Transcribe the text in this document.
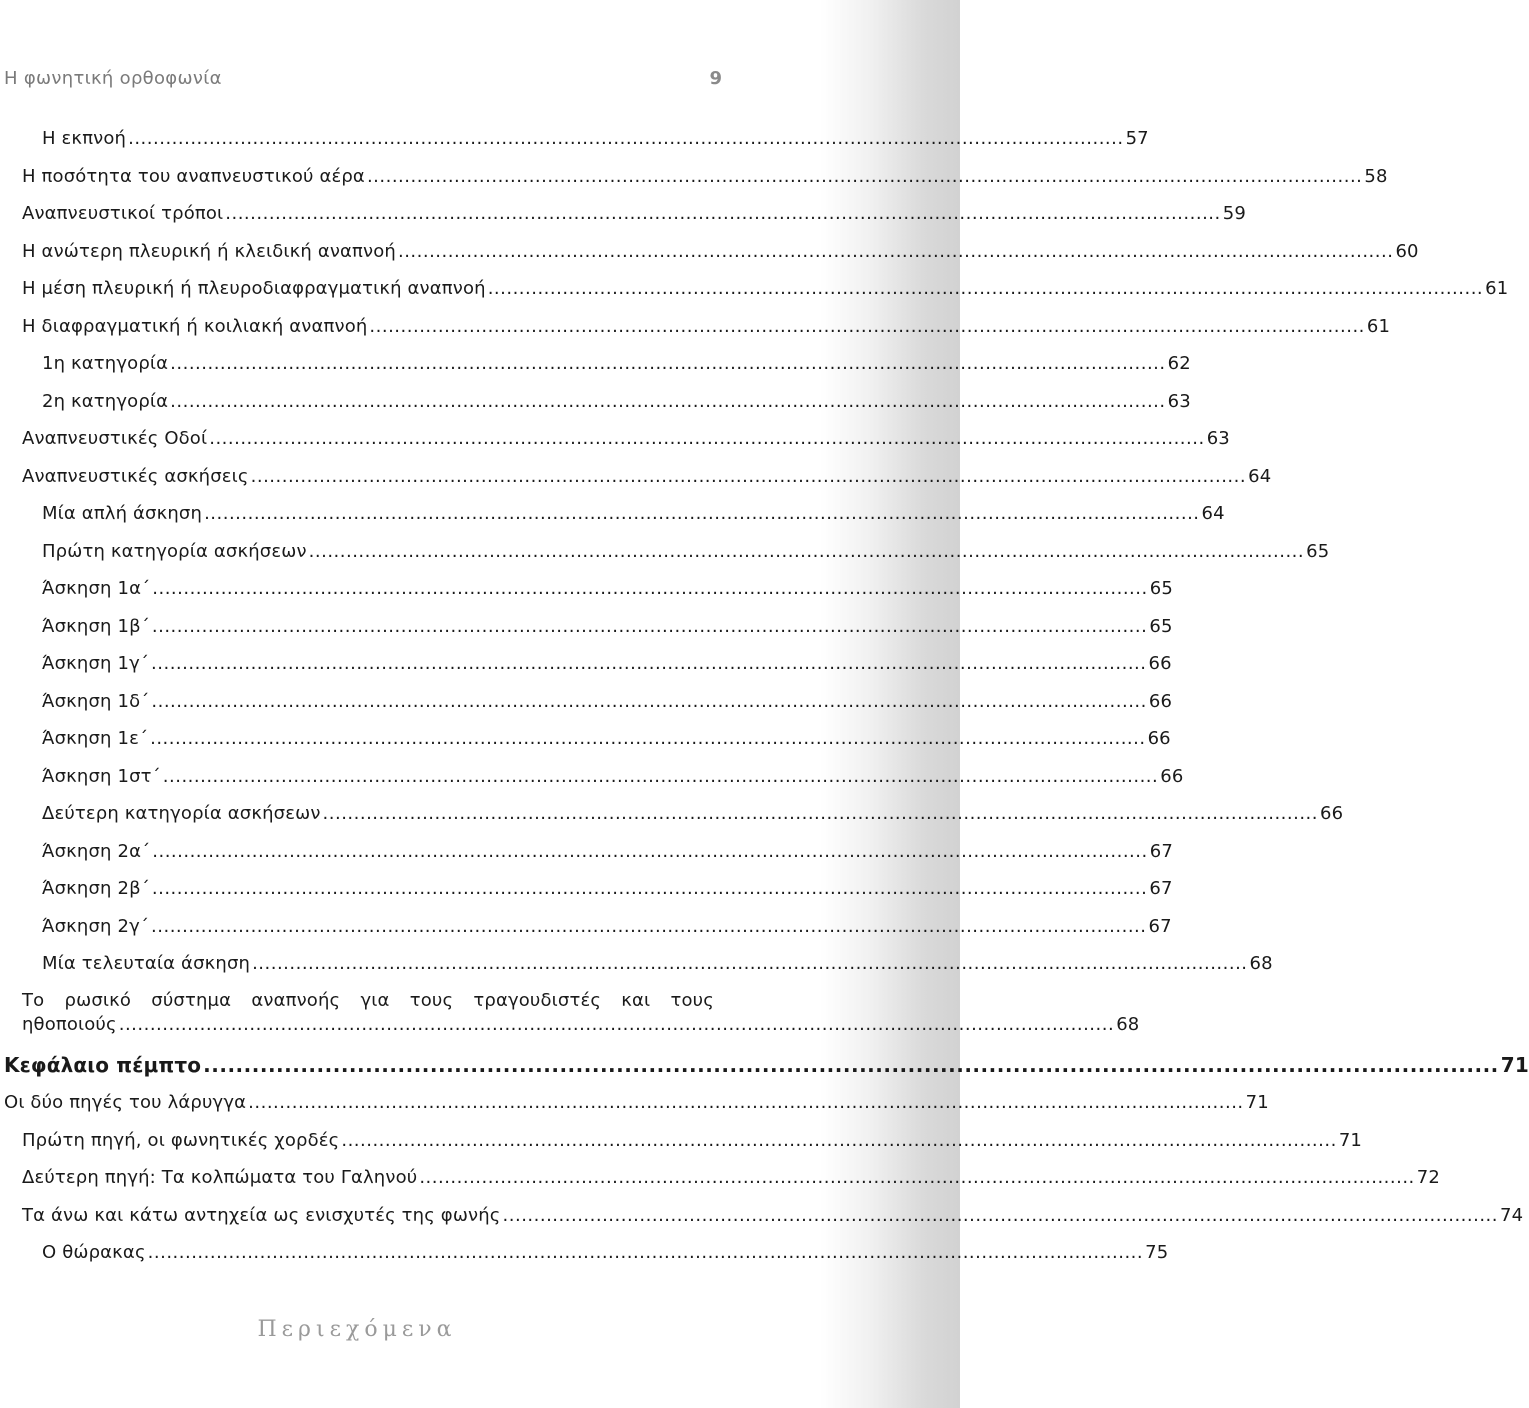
Η φωνητική ορθοφωνία	9
Η εκπνοή ................................................................................................................................................................ 57
Η ποσότητα του αναπνευστικού αέρα ................................................................................................................................................................ 58
Αναπνευστικοί τρόποι ................................................................................................................................................................ 59
Η ανώτερη πλευρική ή κλειδική αναπνοή ................................................................................................................................................................ 60
Η μέση πλευρική ή πλευροδιαφραγματική αναπνοή ................................................................................................................................................................ 61
Η διαφραγματική ή κοιλιακή αναπνοή ................................................................................................................................................................ 61
1η κατηγορία ................................................................................................................................................................ 62
2η κατηγορία ................................................................................................................................................................ 63
Αναπνευστικές Οδοί ................................................................................................................................................................ 63
Αναπνευστικές ασκήσεις ................................................................................................................................................................ 64
Μία απλή άσκηση ................................................................................................................................................................ 64
Πρώτη κατηγορία ασκήσεων ................................................................................................................................................................ 65
Άσκηση 1α΄ ................................................................................................................................................................ 65
Άσκηση 1β΄ ................................................................................................................................................................ 65
Άσκηση 1γ΄ ................................................................................................................................................................ 66
Άσκηση 1δ΄ ................................................................................................................................................................ 66
Άσκηση 1ε΄ ................................................................................................................................................................ 66
Άσκηση 1στ΄ ................................................................................................................................................................ 66
Δεύτερη κατηγορία ασκήσεων ................................................................................................................................................................ 66
Άσκηση 2α΄ ................................................................................................................................................................ 67
Άσκηση 2β΄ ................................................................................................................................................................ 67
Άσκηση 2γ΄ ................................................................................................................................................................ 67
Μία τελευταία άσκηση ................................................................................................................................................................ 68
Το ρωσικό σύστημα αναπνοής για τους τραγουδιστές και τους
ηθοποιούς ................................................................................................................................................................ 68
Κεφάλαιο πέμπτο ................................................................................................................................................................ 71
Οι δύο πηγές του λάρυγγα ................................................................................................................................................................ 71
Πρώτη πηγή, οι φωνητικές χορδές ................................................................................................................................................................ 71
Δεύτερη πηγή: Τα κολπώματα του Γαληνού ................................................................................................................................................................ 72
Τα άνω και κάτω αντηχεία ως ενισχυτές της φωνής ................................................................................................................................................................ 74
Ο θώρακας ................................................................................................................................................................ 75
Περιεχόμενα
